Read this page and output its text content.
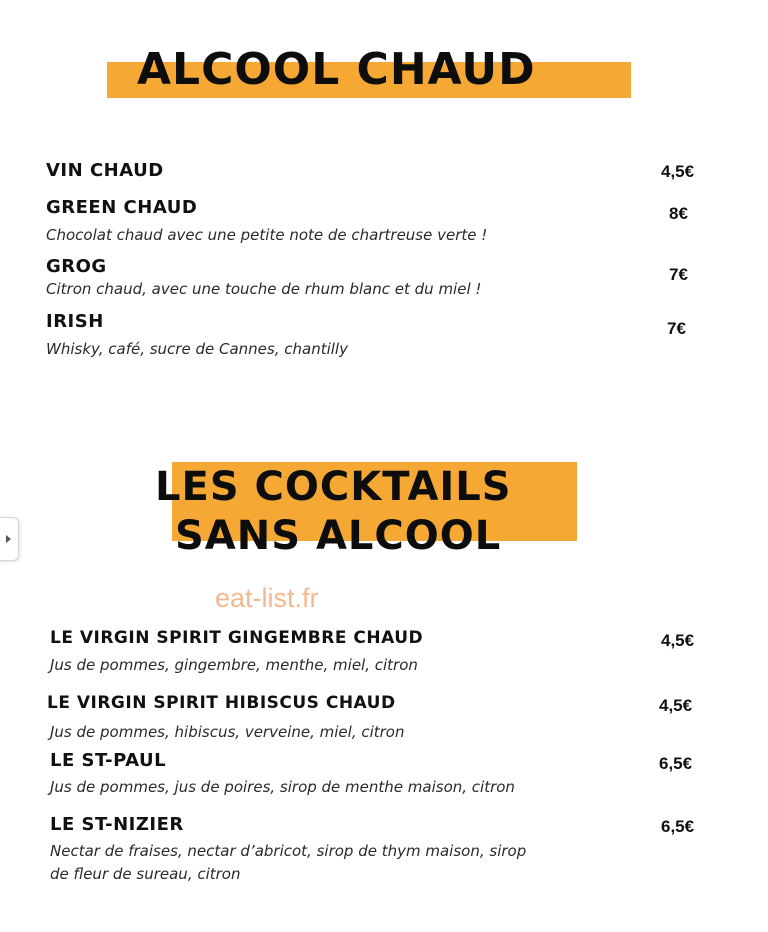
ALCOOL CHAUD
VIN CHAUD	4,5€
GREEN CHAUD
Chocolat chaud avec une petite note de chartreuse verte !
8€
GROG
Citron chaud, avec une touche de rhum blanc et du miel !
7€
IRISH
Whisky, café, sucre de Cannes, chantilly
7€
LES COCKTAILS
SANS ALCOOL
eat-list.fr
LE VIRGIN SPIRIT GINGEMBRE CHAUD
Jus de pommes, gingembre, menthe, miel, citron
4,5€
LE VIRGIN SPIRIT HIBISCUS CHAUD
Jus de pommes, hibiscus, verveine, miel, citron
4,5€
LE ST-PAUL
Jus de pommes, jus de poires, sirop de menthe maison, citron
6,5€
LE ST-NIZIER
Nectar de fraises, nectar d’abricot, sirop de thym maison, sirop
de fleur de sureau, citron
6,5€
